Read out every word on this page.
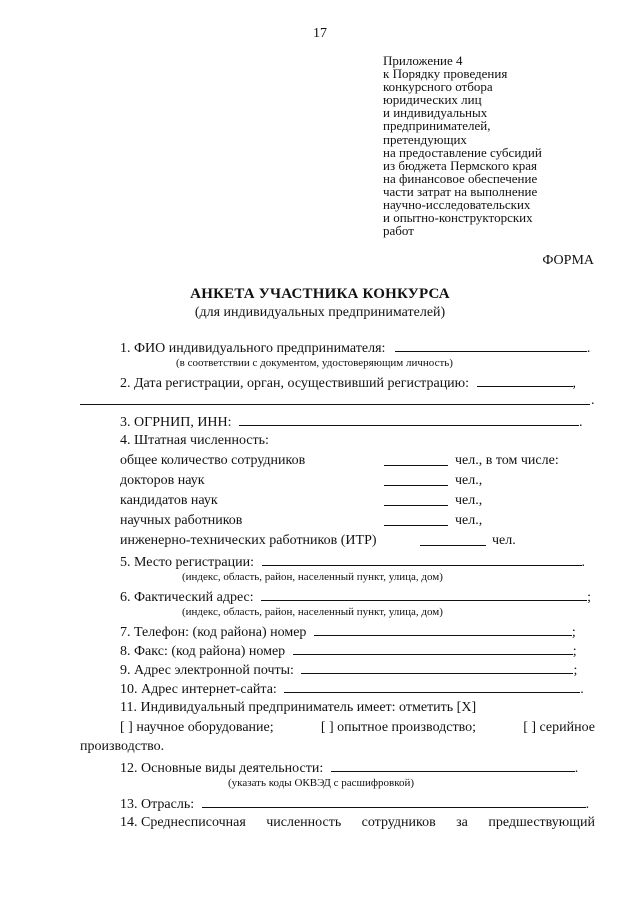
17
Приложение 4
к Порядку проведения
конкурсного отбора
юридических лиц
и индивидуальных
предпринимателей,
претендующих
на предоставление субсидий
из бюджета Пермского края
на финансовое обеспечение
части затрат на выполнение
научно-исследовательских
и опытно-конструкторских
работ
ФОРМА
АНКЕТА УЧАСТНИКА КОНКУРСА
(для индивидуальных предпринимателей)
1. ФИО индивидуального предпринимателя:	.
(в соответствии с документом, удостоверяющим личность)
2. Дата регистрации, орган, осуществивший регистрацию:	,
.
3. ОГРНИП, ИНН:	.
4. Штатная численность:
общее количество сотрудников	чел., в том числе:
докторов наук	чел.,
кандидатов наук	чел.,
научных работников	чел.,
инженерно-технических работников (ИТР)	чел.
5. Место регистрации:	.
(индекс, область, район, населенный пункт, улица, дом)
6. Фактический адрес:	;
(индекс, область, район, населенный пункт, улица, дом)
7. Телефон: (код района) номер	;
8. Факс: (код района) номер	;
9. Адрес электронной почты:	;
10. Адрес интернет-сайта:	.
11. Индивидуальный предприниматель имеет: отметить [Х]
[ ] научное оборудование;	[ ] опытное производство;	[ ] серийное
производство.
12. Основные виды деятельности:	.
(указать коды ОКВЭД с расшифровкой)
13. Отрасль:	.
14. Среднесписочная численность сотрудников за предшествующий
